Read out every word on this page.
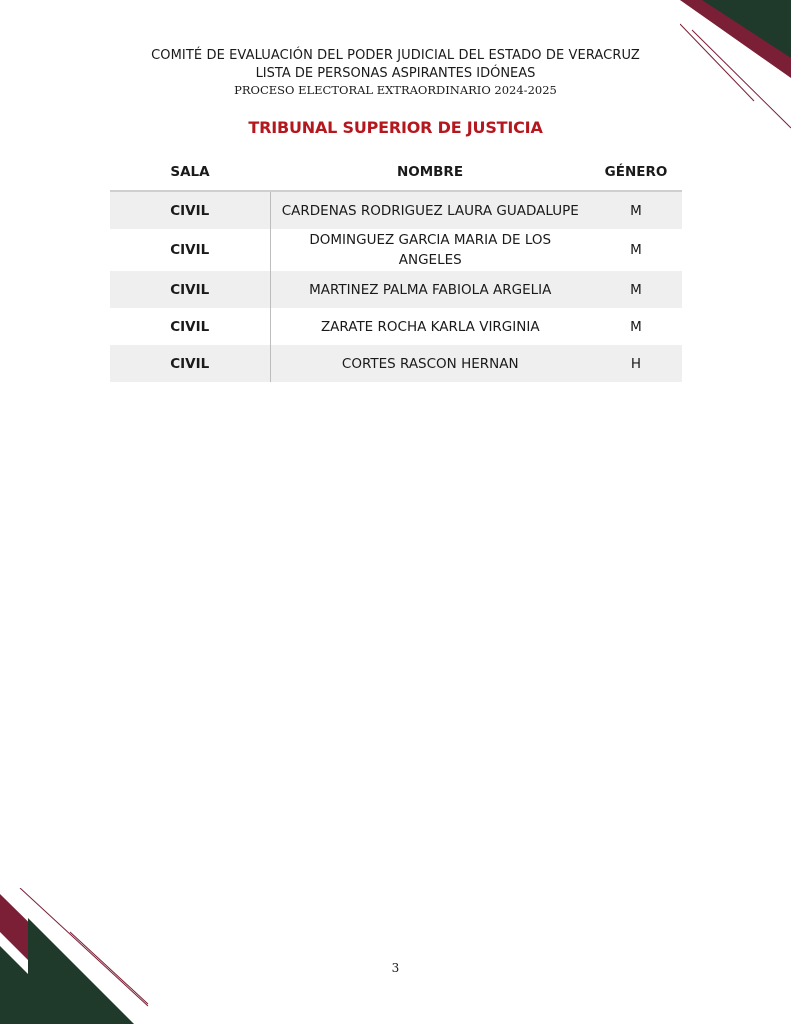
COMITÉ DE EVALUACIÓN DEL PODER JUDICIAL DEL ESTADO DE VERACRUZ
LISTA DE PERSONAS ASPIRANTES IDÓNEAS
PROCESO ELECTORAL EXTRAORDINARIO 2024-2025
TRIBUNAL SUPERIOR DE JUSTICIA
SALA	NOMBRE	GÉNERO
CIVIL	CARDENAS RODRIGUEZ LAURA GUADALUPE	M
CIVIL	DOMINGUEZ GARCIA MARIA DE LOS ANGELES	M
CIVIL	MARTINEZ PALMA FABIOLA ARGELIA	M
CIVIL	ZARATE ROCHA KARLA VIRGINIA	M
CIVIL	CORTES RASCON HERNAN	H
3
